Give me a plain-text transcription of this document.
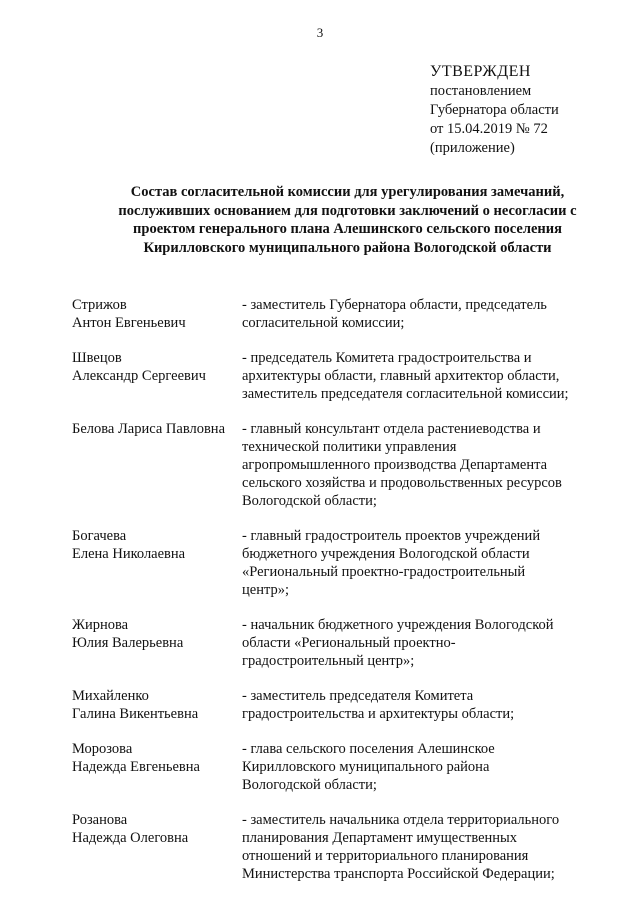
3
УТВЕРЖДЕН
постановлением
Губернатора области
от 15.04.2019 № 72
(приложение)
Состав согласительной комиссии для урегулирования замечаний,
послуживших основанием для подготовки заключений о несогласии с
проектом генерального плана Алешинского сельского поселения
Кирилловского муниципального района Вологодской области
Стрижов
Антон Евгеньевич
- заместитель Губернатора области, председатель
согласительной комиссии;
Швецов
Александр Сергеевич
- председатель Комитета градостроительства и
архитектуры области, главный архитектор области,
заместитель председателя согласительной комиссии;
Белова Лариса Павловна	- главный консультант отдела растениеводства и
технической политики управления
агропромышленного производства Департамента
сельского хозяйства и продовольственных ресурсов
Вологодской области;
Богачева
Елена Николаевна
- главный градостроитель проектов учреждений
бюджетного учреждения Вологодской области
«Региональный проектно-градостроительный
центр»;
Жирнова
Юлия Валерьевна
- начальник бюджетного учреждения Вологодской
области «Региональный проектно-
градостроительный центр»;
Михайленко
Галина Викентьевна
- заместитель председателя Комитета
градостроительства и архитектуры области;
Морозова
Надежда Евгеньевна
- глава сельского поселения Алешинское
Кирилловского муниципального района
Вологодской области;
Розанова
Надежда Олеговна
- заместитель начальника отдела территориального
планирования Департамент имущественных
отношений и территориального планирования
Министерства транспорта Российской Федерации;
